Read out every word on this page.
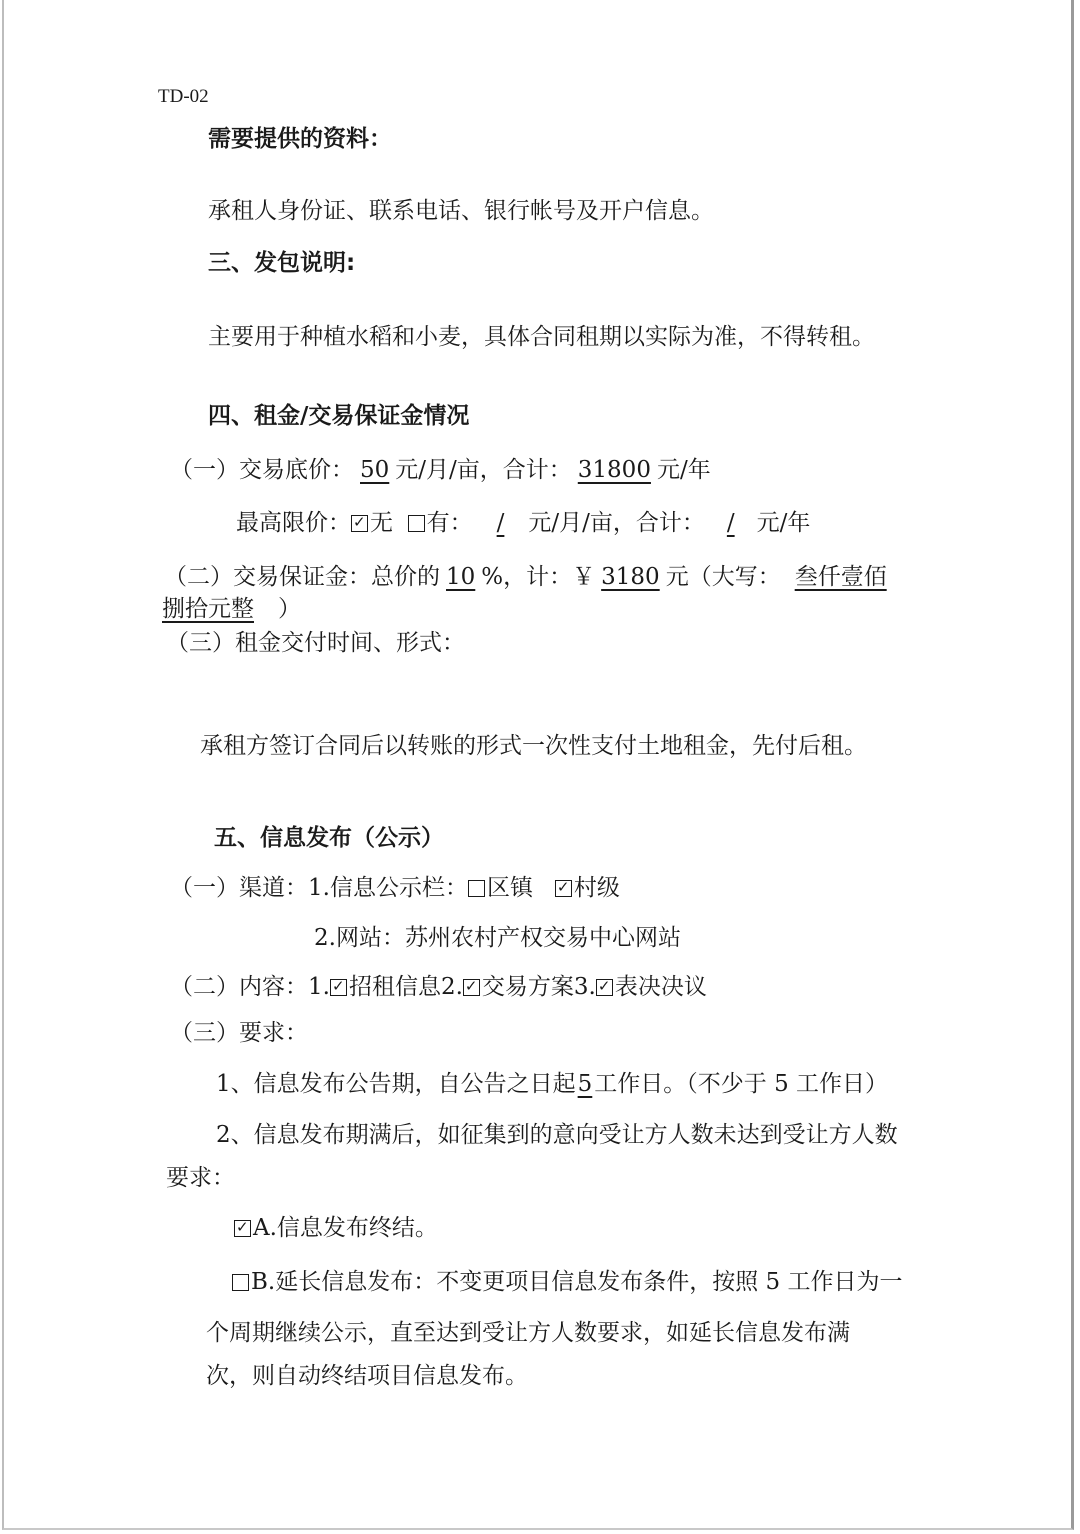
TD-02
需要提供的资料：
承租人身份证、联系电话、银行帐号及开户信息。
三、发包说明:
主要用于种植水稻和小麦，具体合同租期以实际为准，不得转租。
四、租金/交易保证金情况
（一）交易底价： 50 元/月/亩，合计： 31800 元/年
最高限价： ✓ 无 有： / 元/月/亩，合计： / 元/年
（二）交易保证金：总价的 10 %，计：￥ 3180 元（大写： 叁仟壹佰
捌拾元整 ）
（三）租金交付时间、形式：
承租方签订合同后以转账的形式一次性支付土地租金，先付后租。
五、信息发布（公示）
（一）渠道：1.信息公示栏： 区镇 ✓ 村级
2.网站：苏州农村产权交易中心网站
（二）内容：1. ✓ 招租信息2. ✓ 交易方案3. ✓ 表决决议
（三）要求：
1、信息发布公告期，自公告之日起5工作日。（不少于 5 工作日）
2、信息发布期满后，如征集到的意向受让方人数未达到受让方人数
要求：
✓A.信息发布终结。
B.延长信息发布：不变更项目信息发布条件，按照 5 工作日为一
个周期继续公示，直至达到受让方人数要求，如延长信息发布满
次，则自动终结项目信息发布。
